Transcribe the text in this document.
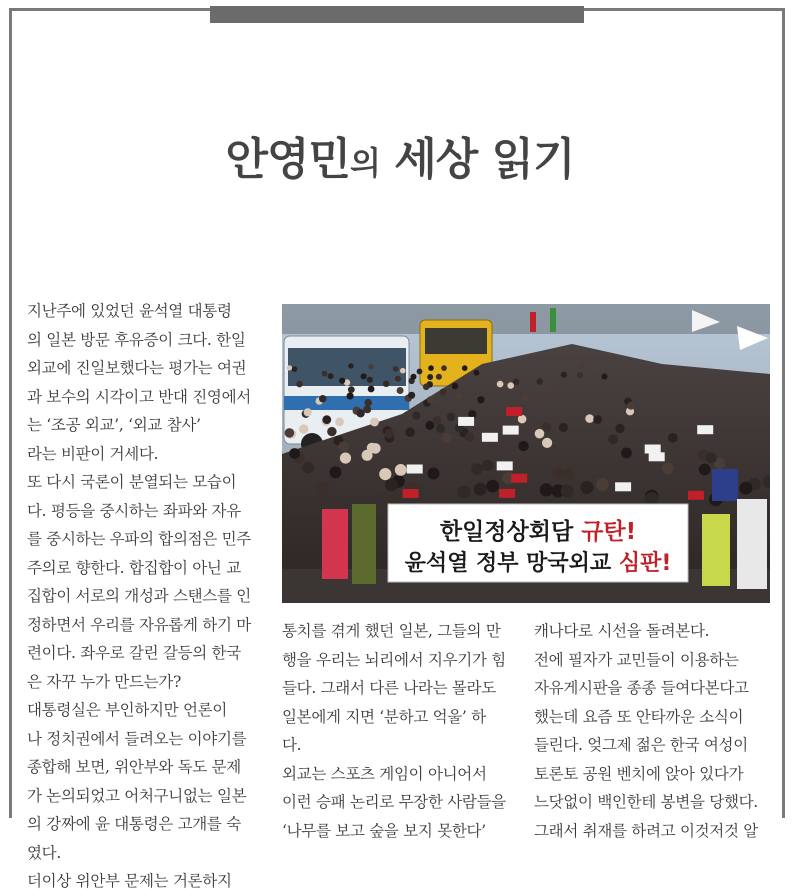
안영민의 세상 읽기
지난주에 있었던 윤석열 대통령
의 일본 방문 후유증이 크다. 한일
외교에 진일보했다는 평가는 여권
과 보수의 시각이고 반대 진영에서
는 ‘조공 외교’, ‘외교 참사’
라는 비판이 거세다.
또 다시 국론이 분열되는 모습이
다. 평등을 중시하는 좌파와 자유
를 중시하는 우파의 합의점은 민주
주의로 향한다. 합집합이 아닌 교
집합이 서로의 개성과 스탠스를 인
정하면서 우리를 자유롭게 하기 마
련이다. 좌우로 갈린 갈등의 한국
은 자꾸 누가 만드는가?
대통령실은 부인하지만 언론이
나 정치권에서 들려오는 이야기를
종합해 보면, 위안부와 독도 문제
가 논의되었고 어처구니없는 일본
의 강짜에 윤 대통령은 고개를 숙
였다.
더이상 위안부 문제는 거론하지
한일정상회담 규탄!
윤석열 정부 망국외교 심판!
통치를 겪게 했던 일본, 그들의 만
행을 우리는 뇌리에서 지우기가 힘
들다. 그래서 다른 나라는 몰라도
일본에게 지면 ‘분하고 억울’ 하
다.
외교는 스포츠 게임이 아니어서
이런 승패 논리로 무장한 사람들을
‘나무를 보고 숲을 보지 못한다’
캐나다로 시선을 돌려본다.
전에 필자가 교민들이 이용하는
자유게시판을 종종 들여다본다고
했는데 요즘 또 안타까운 소식이
들린다. 엊그제 젊은 한국 여성이
토론토 공원 벤치에 앉아 있다가
느닷없이 백인한테 봉변을 당했다.
그래서 취재를 하려고 이것저것 알
